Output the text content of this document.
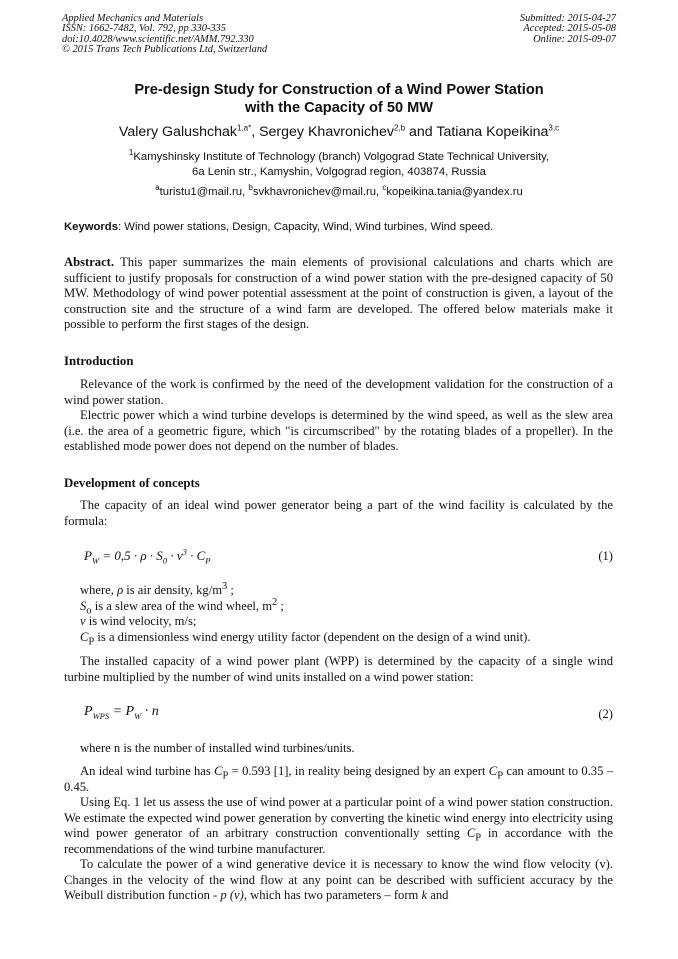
Applied Mechanics and Materials
ISSN: 1662-7482, Vol. 792, pp 330-335
doi:10.4028/www.scientific.net/AMM.792.330
© 2015 Trans Tech Publications Ltd, Switzerland
Submitted: 2015-04-27
Accepted: 2015-05-08
Online: 2015-09-07
Pre-design Study for Construction of a Wind Power Station
with the Capacity of 50 MW
Valery Galushchak$^{1,a*}$, Sergey Khavronichev$^{2,b}$ and Tatiana Kopeikina$^{3,c}$
$^1$Kamyshinsky Institute of Technology (branch) Volgograd State Technical University,
6a Lenin str., Kamyshin, Volgograd region, 403874, Russia
$^a$turistu1@mail.ru, $^b$svkhavronichev@mail.ru, $^c$kopeikina.tania@yandex.ru
Keywords: Wind power stations, Design, Capacity, Wind, Wind turbines, Wind speed.
Abstract. This paper summarizes the main elements of provisional calculations and charts which are sufficient to justify proposals for construction of a wind power station with the pre-designed capacity of 50 MW. Methodology of wind power potential assessment at the point of construction is given, a layout of the construction site and the structure of a wind farm are developed. The offered below materials make it possible to perform the first stages of the design.
Introduction
Relevance of the work is confirmed by the need of the development validation for the construction of a wind power station.
Electric power which a wind turbine develops is determined by the wind speed, as well as the slew area (i.e. the area of a geometric figure, which "is circumscribed" by the rotating blades of a propeller). In the established mode power does not depend on the number of blades.
Development of concepts
The capacity of an ideal wind power generator being a part of the wind facility is calculated by the formula:
$P_W = 0,5 \cdot \rho \cdot S_0 \cdot v^3 \cdot C_P$	(1)
where, ρ is air density, $kg/m^3$ ;
$S_o$ is a slew area of the wind wheel, $m^2$ ;
v is wind velocity, m/s;
$C_P$ is a dimensionless wind energy utility factor (dependent on the design of a wind unit).
The installed capacity of a wind power plant (WPP) is determined by the capacity of a single wind turbine multiplied by the number of wind units installed on a wind power station:
$P_{WPS} = P_W \cdot n$	(2)
where n is the number of installed wind turbines/units.
An ideal wind turbine has $C_P = 0.593$ [1], in reality being designed by an expert $C_P$ can amount to 0.35 – 0.45.
Using Eq. 1 let us assess the use of wind power at a particular point of a wind power station construction. We estimate the expected wind power generation by converting the kinetic wind energy into electricity using wind power generator of an arbitrary construction conventionally setting $C_P$ in accordance with the recommendations of the wind turbine manufacturer.
To calculate the power of a wind generative device it is necessary to know the wind flow velocity (v). Changes in the velocity of the wind flow at any point can be described with sufficient accuracy by the Weibull distribution function - p (v), which has two parameters – form k and
